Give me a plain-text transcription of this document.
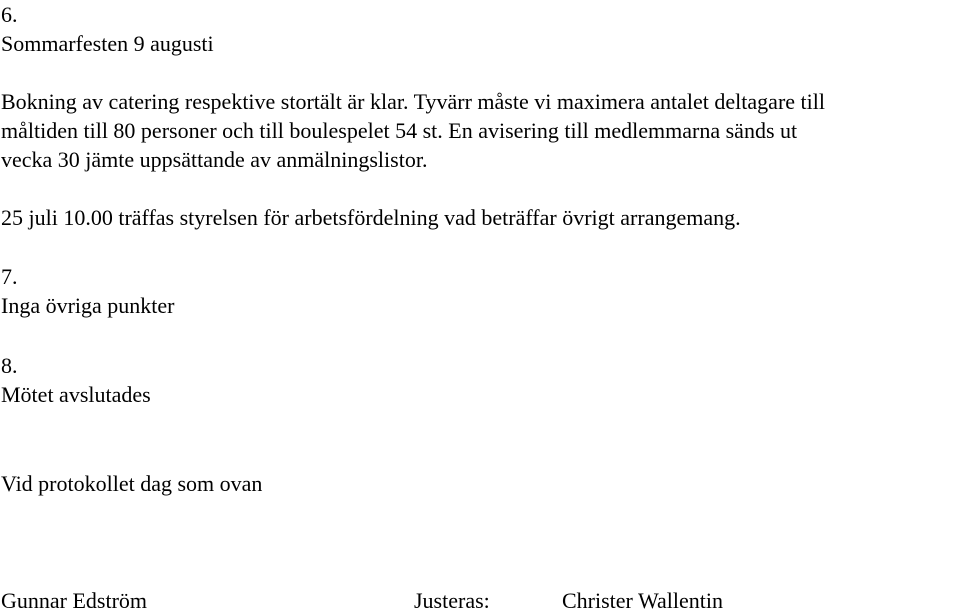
6.
Sommarfesten 9 augusti
Bokning av catering respektive stortält är klar. Tyvärr måste vi maximera antalet deltagare till
måltiden till 80 personer och till boulespelet 54 st. En avisering till medlemmarna sänds ut
vecka 30 jämte uppsättande av anmälningslistor.
25 juli 10.00 träffas styrelsen för arbetsfördelning vad beträffar övrigt arrangemang.
7.
Inga övriga punkter
8.
Mötet avslutades
Vid protokollet dag som ovan
Gunnar Edström	Justeras:	Christer Wallentin
